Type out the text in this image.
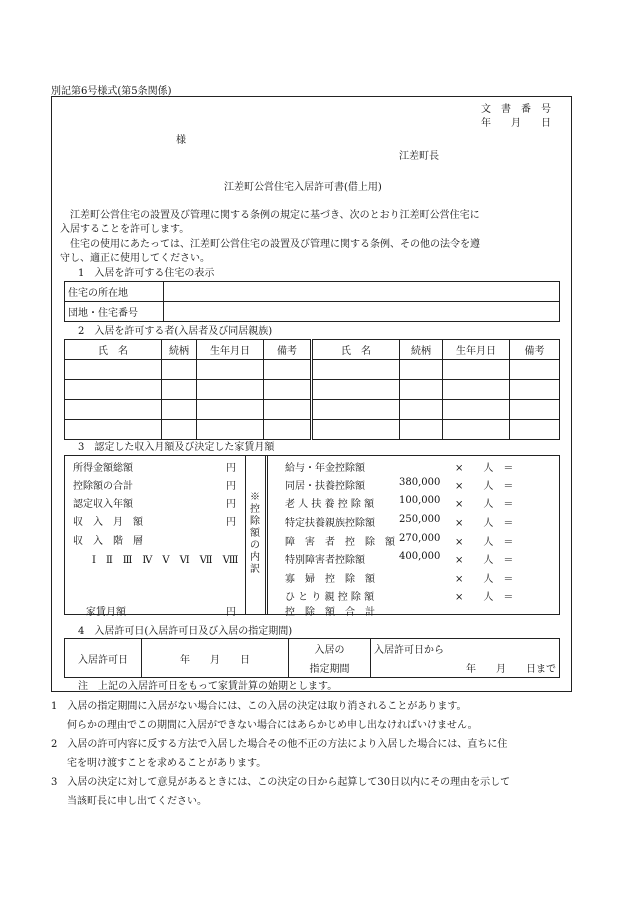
別記第6号様式(第5条関係)
文　書　番　号
年　　月　　日
様
江差町長
江差町公営住宅入居許可書(借上用)
　江差町公営住宅の設置及び管理に関する条例の規定に基づき、次のとおり江差町公営住宅に
入居することを許可します。
　住宅の使用にあたっては、江差町公営住宅の設置及び管理に関する条例、その他の法令を遵
守し、適正に使用してください。
1　入居を許可する住宅の表示
住宅の所在地	
団地・住宅番号	
2　入居を許可する者(入居者及び同居親族)
氏　名	続柄	生年月日	備考	氏　名	続柄	生年月日	備考

3　認定した収入月額及び決定した家賃月額
所得金額総額	円
控除額の合計	円
認定収入年額	円
収　入　月　額	円
収　入　階　層
Ⅰ　Ⅱ　Ⅲ　Ⅳ　Ⅴ　Ⅵ　Ⅶ　Ⅷ
家賃月額	円
※控除額の内訳
給与・年金控除額	×　　人　＝
同居・扶養控除額	380,000 ×　　人　＝
老 人 扶 養 控 除 額 100,000 ×　　人　＝
特定扶養親族控除額 250,000 ×　　人　＝
障　害　者　控　除　額 270,000 ×　　人　＝
特別障害者控除額	400,000 ×　　人　＝
寡　婦　控　除　額	×　　人　＝
ひ と り 親 控 除 額	×　　人　＝
控　除　額　合　計
4　入居許可日(入居許可日及び入居の指定期間)
入居許可日	年　　月　　日	入居の	入居許可日から
		指定期間	年　　月　　日まで
注　上記の入居許可日をもって家賃計算の始期とします。
1　入居の指定期間に入居がない場合には、この入居の決定は取り消されることがあります。
何らかの理由でこの期間に入居ができない場合にはあらかじめ申し出なければいけません。
2　入居の許可内容に反する方法で入居した場合その他不正の方法により入居した場合には、直ちに住
宅を明け渡すことを求めることがあります。
3　入居の決定に対して意見があるときには、この決定の日から起算して30日以内にその理由を示して
当該町長に申し出てください。
